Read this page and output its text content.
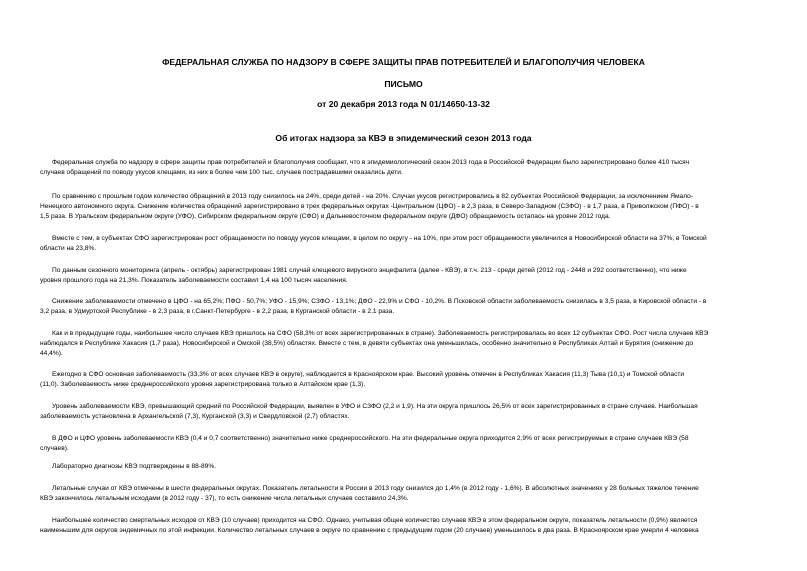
ФЕДЕРАЛЬНАЯ СЛУЖБА ПО НАДЗОРУ В СФЕРЕ ЗАЩИТЫ ПРАВ ПОТРЕБИТЕЛЕЙ И БЛАГОПОЛУЧИЯ ЧЕЛОВЕКА
ПИСЬМО
от 20 декабря 2013 года N 01/14650-13-32
Об итогах надзора за КВЭ в эпидемический сезон 2013 года
Федеральная служба по надзору в сфере защиты прав потребителей и благополучия сообщает, что в эпидемиологический сезон 2013 года в Российской Федерации было зарегистрировано более 410 тысяч
случаев обращений по поводу укусов клещами, из них в более чем 100 тыс. случаев пострадавшими оказались дети.
По сравнению с прошлым годом количество обращений в 2013 году снизилось на 24%, среди детей - на 20%. Случаи укусов регистрировались в 82 субъектах Российской Федерации, за исключением Ямало-
Ненецкого автономного округа. Снижение количества обращений зарегистрировано в трех федеральных округах -Центральном (ЦФО) - в 2,3 раза, в Северо-Западном (СЗФО) - в 1,7 раза, в Приволжском (ПФО) - в
1,5 раза. В Уральском федеральном округе (УФО), Сибирском федеральном округе (СФО) и Дальневосточном федеральном округе (ДФО) обращаемость осталась на уровне 2012 года.
Вместе с тем, в субъектах СФО зарегистрирован рост обращаемости по поводу укусов клещами, в целом по округу - на 10%, при этом рост обращаемости увеличился в Новосибирской области на 37%, в Томской
области на 23,8%.
По данным сезонного мониторинга (апрель - октябрь) зарегистрирован 1981 случай клещевого вирусного энцефалита (далее - КВЭ), в т.ч. 213 - среди детей (2012 год - 2448 и 292 соответственно), что ниже
уровня прошлого года на 21,3%. Показатель заболеваемости составил 1,4 на 100 тысяч населения.
Снижение заболеваемости отмечено в ЦФО - на 65,2%; ПФО - 50,7%; УФО - 15,9%; СЗФО - 13,1%; ДФО - 22,9% и СФО - 10,2%. В Псковской области заболеваемость снизилась в 3,5 раза, в Кировской области - в
3,2 раза, в Удмуртской Республике - в 2,3 раза, в г.Санкт-Петербурге - в 2,2 раза, в Курганской области - в 2,1 раза.
Как и в предыдущие годы, наибольшее число случаев КВЭ пришлось на СФО (58,3% от всех зарегистрированных в стране). Заболеваемость регистрировалась во всех 12 субъектах СФО. Рост числа случаев КВЭ
наблюдался в Республике Хакасия (1,7 раза), Новосибирской и Омской (38,5%) областях. Вместе с тем, в девяти субъектах она уменьшилась, особенно значительно в Республиках Алтай и Бурятия (снижение до
44,4%).
Ежегодно в СФО основная заболеваемость (33,3% от всех случаев КВЭ в округе), наблюдается в Красноярском крае. Высокий уровень отмечен в Республиках Хакасия (11,3) Тыва (10,1) и Томской области
(11,0). Заболеваемость ниже среднероссийского уровня зарегистрирована только в Алтайском крае (1,3).
Уровень заболеваемости КВЭ, превышающий средний по Российской Федерации, выявлен в УФО и СЗФО (2,2 и 1,9). На эти округа пришлось 26,5% от всех зарегистрированных в стране случаев. Наибольшая
заболеваемость установлена в Архангельской (7,3), Курганской (3,3) и Свердловской (2,7) областях.
В ДФО и ЦФО уровень заболеваемости КВЭ (0,4 и 0,7 соответственно) значительно ниже среднероссийского. На эти федеральные округа приходится 2,9% от всех регистрируемых в стране случаев КВЭ (58
случаев).
Лабораторно диагнозы КВЭ подтверждены в 88-89%.
Летальные случаи от КВЭ отмечены в шести федеральных округах. Показатель летальности в России в 2013 году снизился до 1,4% (в 2012 году - 1,6%). В абсолютных значениях у 28 больных тяжелое течение
КВЭ закончилось летальным исходами (в 2012 году - 37), то есть снижение числа летальных случаев составило 24,3%.
Наибольшее количество смертельных исходов от КВЭ (10 случаев) приходится на СФО. Однако, учитывая общее количество случаев КВЭ в этом федеральном округе, показатель летальности (0,9%) является
наименьшим для округов эндемичных по этой инфекции. Количество летальных случаев в округе по сравнению с предыдущим годом (20 случаев) уменьшилось в два раза. В Красноярском крае умерли 4 человека
